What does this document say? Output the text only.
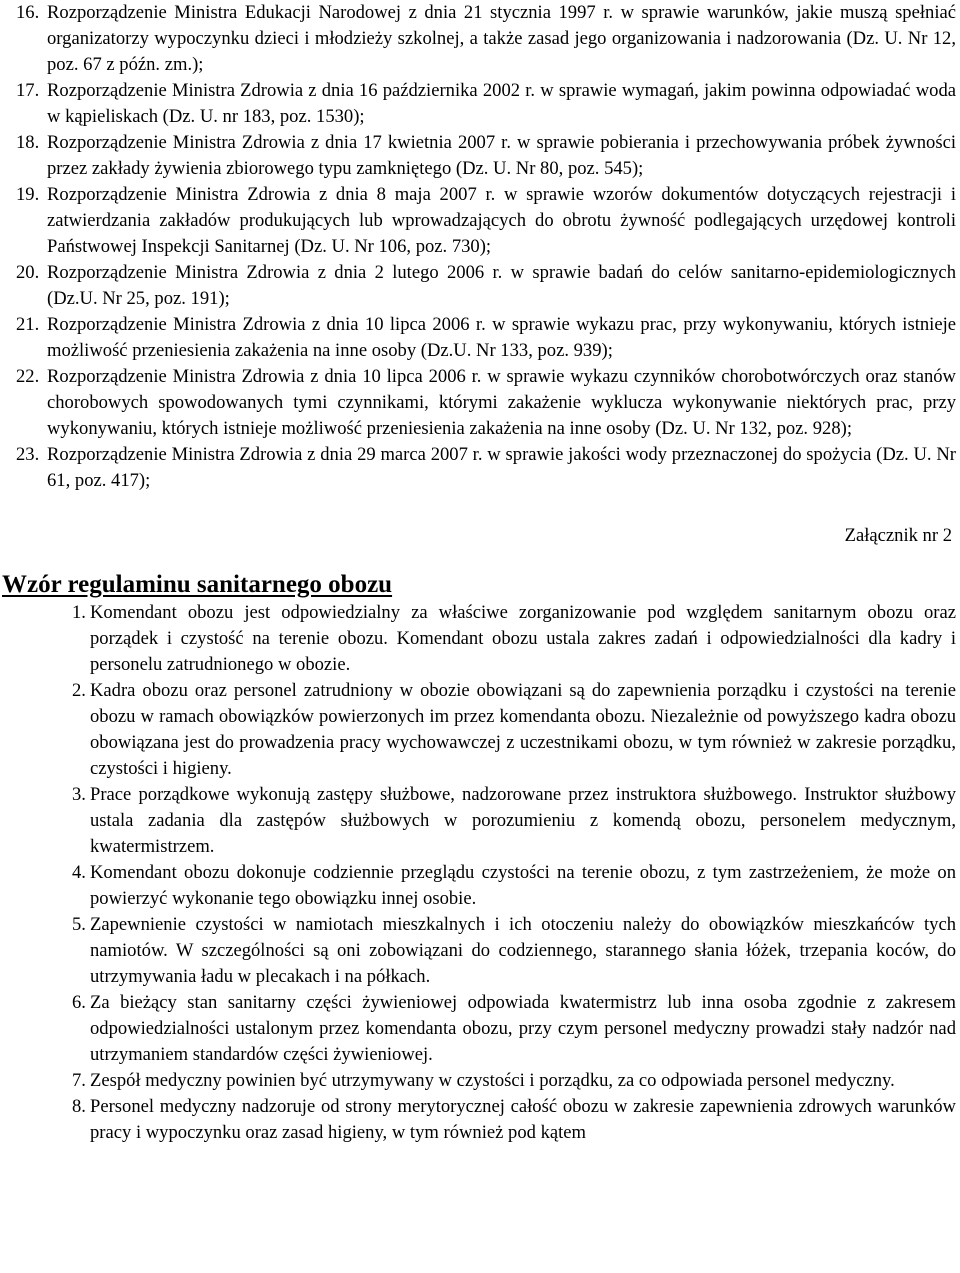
16. Rozporządzenie Ministra Edukacji Narodowej z dnia 21 stycznia 1997 r. w sprawie warunków, jakie muszą spełniać organizatorzy wypoczynku dzieci i młodzieży szkolnej, a także zasad jego organizowania i nadzorowania (Dz. U. Nr 12, poz. 67 z późn. zm.);
17. Rozporządzenie Ministra Zdrowia z dnia 16 października 2002 r. w sprawie wymagań, jakim powinna odpowiadać woda w kąpieliskach (Dz. U. nr 183, poz. 1530);
18. Rozporządzenie Ministra Zdrowia z dnia 17 kwietnia 2007 r. w sprawie pobierania i przechowywania próbek żywności przez zakłady żywienia zbiorowego typu zamkniętego (Dz. U. Nr 80, poz. 545);
19. Rozporządzenie Ministra Zdrowia z dnia 8 maja 2007 r. w sprawie wzorów dokumentów dotyczących rejestracji i zatwierdzania zakładów produkujących lub wprowadzających do obrotu żywność podlegających urzędowej kontroli Państwowej Inspekcji Sanitarnej (Dz. U. Nr 106, poz. 730);
20. Rozporządzenie Ministra Zdrowia z dnia 2 lutego 2006 r. w sprawie badań do celów sanitarno-epidemiologicznych (Dz.U. Nr 25, poz. 191);
21. Rozporządzenie Ministra Zdrowia z dnia 10 lipca 2006 r. w sprawie wykazu prac, przy wykonywaniu, których istnieje możliwość przeniesienia zakażenia na inne osoby (Dz.U. Nr 133, poz. 939);
22. Rozporządzenie Ministra Zdrowia z dnia 10 lipca 2006 r. w sprawie wykazu czynników chorobotwórczych oraz stanów chorobowych spowodowanych tymi czynnikami, którymi zakażenie wyklucza wykonywanie niektórych prac, przy wykonywaniu, których istnieje możliwość przeniesienia zakażenia na inne osoby (Dz. U. Nr 132, poz. 928);
23. Rozporządzenie Ministra Zdrowia z dnia 29 marca 2007 r. w sprawie jakości wody przeznaczonej do spożycia (Dz. U. Nr 61, poz. 417);
Załącznik nr 2
Wzór regulaminu sanitarnego obozu
1. Komendant obozu jest odpowiedzialny za właściwe zorganizowanie pod względem sanitarnym obozu oraz porządek i czystość na terenie obozu. Komendant obozu ustala zakres zadań i odpowiedzialności dla kadry i personelu zatrudnionego w obozie.
2. Kadra obozu oraz personel zatrudniony w obozie obowiązani są do zapewnienia porządku i czystości na terenie obozu w ramach obowiązków powierzonych im przez komendanta obozu. Niezależnie od powyższego kadra obozu obowiązana jest do prowadzenia pracy wychowawczej z uczestnikami obozu, w tym również w zakresie porządku, czystości i higieny.
3. Prace porządkowe wykonują zastępy służbowe, nadzorowane przez instruktora służbowego. Instruktor służbowy ustala zadania dla zastępów służbowych w porozumieniu z komendą obozu, personelem medycznym, kwatermistrzem.
4. Komendant obozu dokonuje codziennie przeglądu czystości na terenie obozu, z tym zastrzeżeniem, że może on powierzyć wykonanie tego obowiązku innej osobie.
5. Zapewnienie czystości w namiotach mieszkalnych i ich otoczeniu należy do obowiązków mieszkańców tych namiotów. W szczególności są oni zobowiązani do codziennego, starannego słania łóżek, trzepania koców, do utrzymywania ładu w plecakach i na półkach.
6. Za bieżący stan sanitarny części żywieniowej odpowiada kwatermistrz lub inna osoba zgodnie z zakresem odpowiedzialności ustalonym przez komendanta obozu, przy czym personel medyczny prowadzi stały nadzór nad utrzymaniem standardów części żywieniowej.
7. Zespół medyczny powinien być utrzymywany w czystości i porządku, za co odpowiada personel medyczny.
8. Personel medyczny nadzoruje od strony merytorycznej całość obozu w zakresie zapewnienia zdrowych warunków pracy i wypoczynku oraz zasad higieny, w tym również pod kątem
